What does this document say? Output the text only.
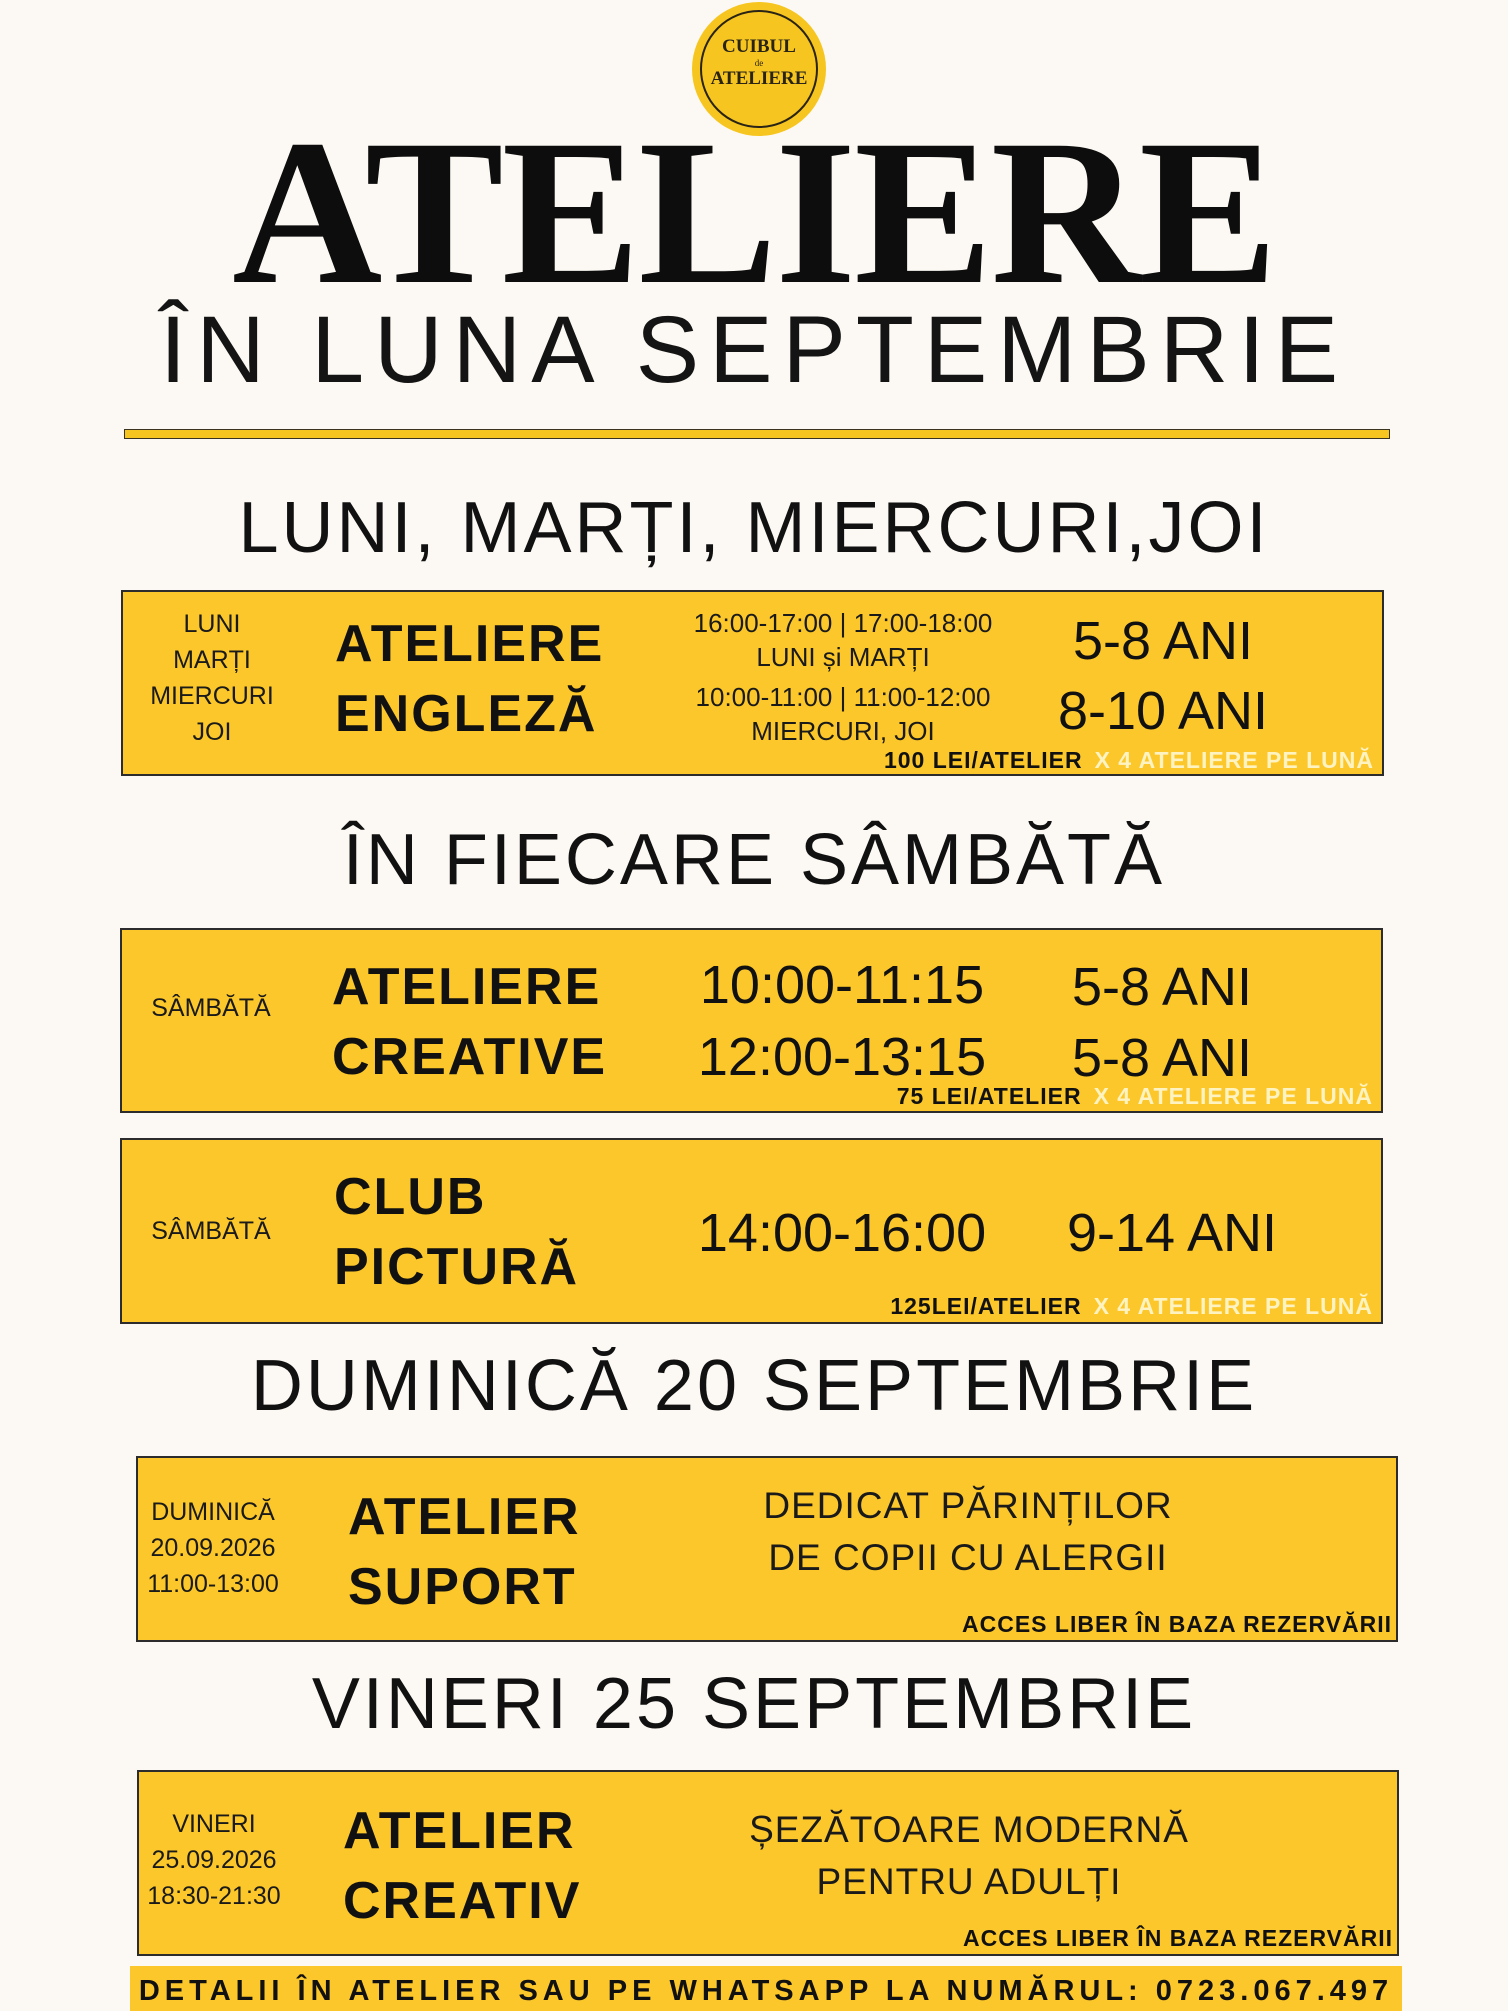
CUIBUL
de
ATELIERE
ATELIERE
ÎN LUNA SEPTEMBRIE
LUNI, MARȚI, MIERCURI,JOI
LUNI
MARȚI
MIERCURI
JOI
ATELIERE
ENGLEZĂ
16:00-17:00 | 17:00-18:00
LUNI și MARȚI
10:00-11:00 | 11:00-12:00
MIERCURI, JOI
5-8 ANI
8-10 ANI
100 LEI/ATELIER X 4 ATELIERE PE LUNĂ
ÎN FIECARE SÂMBĂTĂ
SÂMBĂTĂ	ATELIERE
CREATIVE
10:00-11:15
12:00-13:15
5-8 ANI
5-8 ANI
75 LEI/ATELIER X 4 ATELIERE PE LUNĂ
SÂMBĂTĂ
CLUB
PICTURĂ
14:00-16:00	9-14 ANI
125LEI/ATELIER X 4 ATELIERE PE LUNĂ
DUMINICĂ 20 SEPTEMBRIE
DUMINICĂ
20.09.2026
11:00-13:00
ATELIER
SUPORT
DEDICAT PĂRINȚILOR
DE COPII CU ALERGII
ACCES LIBER ÎN BAZA REZERVĂRII
VINERI 25 SEPTEMBRIE
VINERI
25.09.2026
18:30-21:30
ATELIER
CREATIV
ȘEZĂTOARE MODERNĂ
PENTRU ADULȚI
ACCES LIBER ÎN BAZA REZERVĂRII
DETALII ÎN ATELIER SAU PE WHATSAPP LA NUMĂRUL: 0723.067.497
